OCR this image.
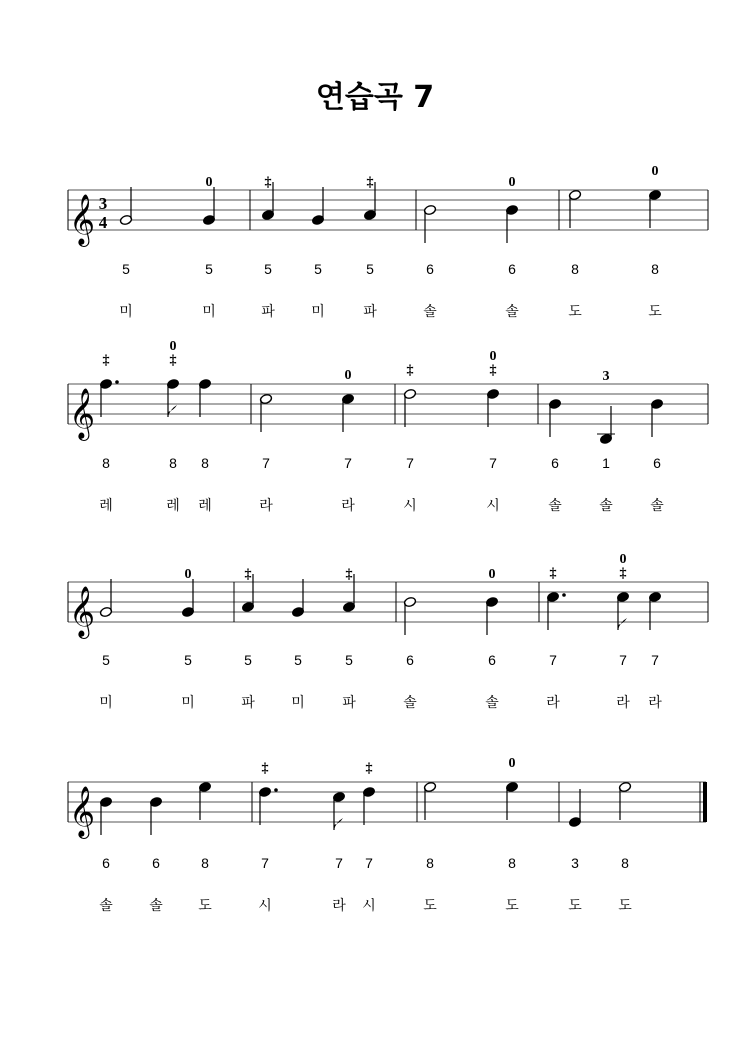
연습곡 7
𝄞 3
4
5
미
0
5
미
‡
5
파
5
미
‡
5
파
6
솔
0
6
솔
8
도
0
8
도
𝄞
‡
8
레
0
‡
8
레
8
레
7
라
0
7
라
‡
7
시
0
‡
7
시
6
솔
3
1
솔
6
솔
𝄞
5
미
0
5
미
‡
5
파
5
미
‡
5
파
6
솔
0
6
솔
‡
7
라
0
‡
7
라
7
라
𝄞
6
솔
6
솔
8
도
‡
7
시
7
라
‡
7
시
8
도
0
8
도
3
도
8
도
